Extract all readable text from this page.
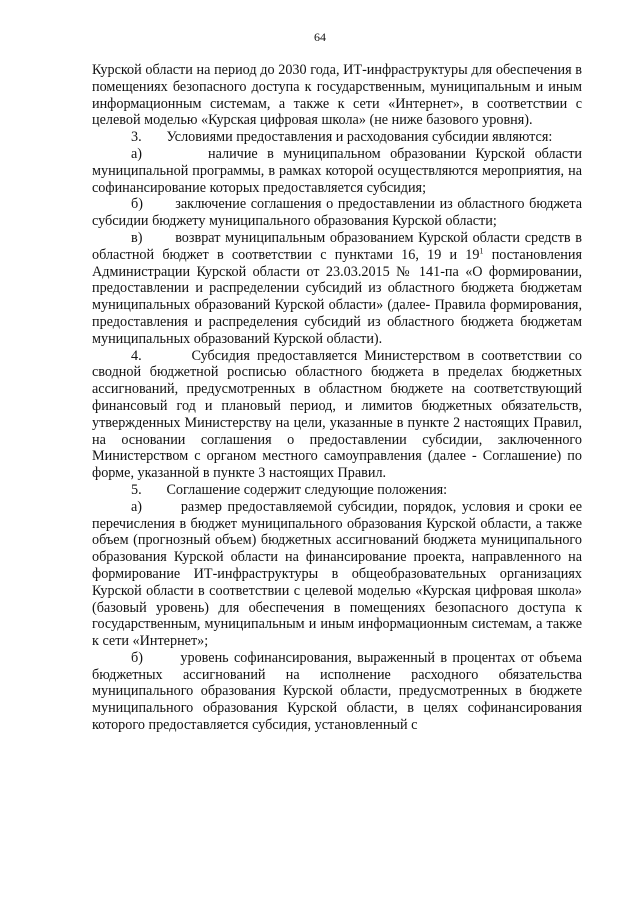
64

Курской области на период до 2030 года, ИТ-инфраструктуры для обеспечения в помещениях безопасного доступа к государственным, муниципальным и иным информационным системам, а также к сети «Интернет», в соответствии с целевой моделью «Курская цифровая школа» (не ниже базового уровня).

3.       Условиями предоставления и расходования субсидии являются:

а)       наличие в муниципальном образовании Курской области муниципальной программы, в рамках которой осуществляются мероприятия, на софинансирование которых предоставляется субсидия;

б)       заключение соглашения о предоставлении из областного бюджета субсидии бюджету муниципального образования Курской области;

в)       возврат муниципальным образованием Курской области средств в областной бюджет в соответствии с пунктами 16, 19 и $19^1$ постановления Администрации Курской области от 23.03.2015 № 141-па «О формировании, предоставлении и распределении субсидий из областного бюджета бюджетам муниципальных образований Курской области» (далее- Правила формирования, предоставления и распределения субсидий из областного бюджета бюджетам муниципальных образований Курской области).

4.       Субсидия предоставляется Министерством в соответствии со сводной бюджетной росписью областного бюджета в пределах бюджетных ассигнований, предусмотренных в областном бюджете на соответствующий финансовый год и плановый период, и лимитов бюджетных обязательств, утвержденных Министерству на цели, указанные в пункте 2 настоящих Правил, на основании соглашения о предоставлении субсидии, заключенного Министерством с органом местного самоуправления (далее - Соглашение) по форме, указанной в пункте 3 настоящих Правил.

5.       Соглашение содержит следующие положения:

а)       размер предоставляемой субсидии, порядок, условия и сроки ее перечисления в бюджет муниципального образования Курской области, а также объем (прогнозный объем) бюджетных ассигнований бюджета муниципального образования Курской области на финансирование проекта, направленного на формирование ИТ-инфраструктуры в общеобразовательных организациях Курской области в соответствии с целевой моделью «Курская цифровая школа» (базовый уровень) для обеспечения в помещениях безопасного доступа к государственным, муниципальным и иным информационным системам, а также к сети «Интернет»;

б)       уровень софинансирования, выраженный в процентах от объема бюджетных ассигнований на исполнение расходного обязательства муниципального образования Курской области, предусмотренных в бюджете муниципального образования Курской области, в целях софинансирования которого предоставляется субсидия, установленный с
